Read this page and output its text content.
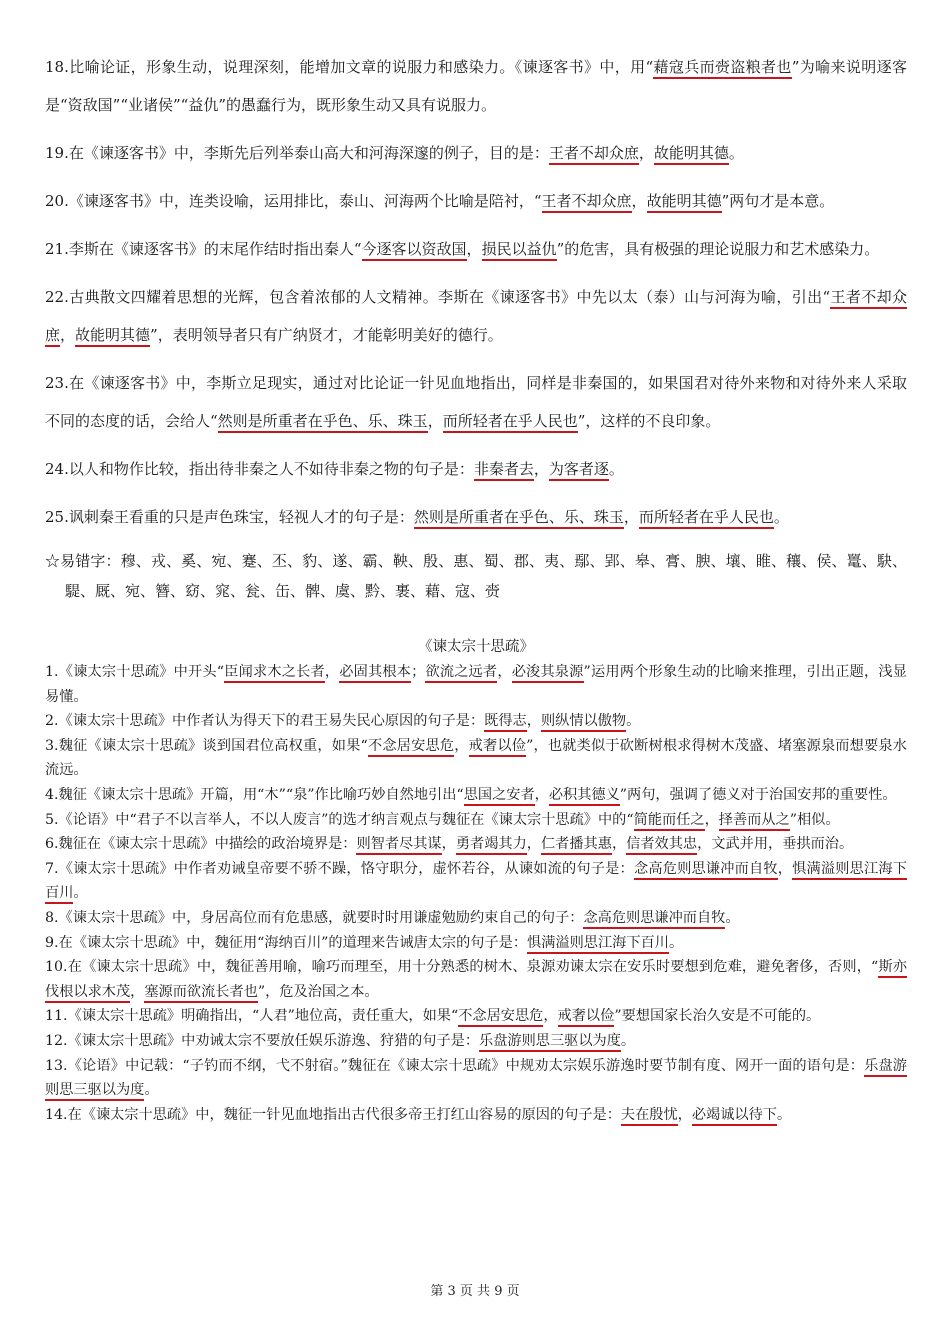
18.比喻论证，形象生动，说理深刻，能增加文章的说服力和感染力。《谏逐客书》中，用“藉寇兵而赍盗粮者也”为喻来说明逐客是“资敌国”“业诸侯”“益仇”的愚蠢行为，既形象生动又具有说服力。

19.在《谏逐客书》中，李斯先后列举泰山高大和河海深邃的例子，目的是：王者不却众庶，故能明其德。

20.《谏逐客书》中，连类设喻，运用排比，泰山、河海两个比喻是陪衬，“王者不却众庶，故能明其德”两句才是本意。

21.李斯在《谏逐客书》的末尾作结时指出秦人“今逐客以资敌国，损民以益仇”的危害，具有极强的理论说服力和艺术感染力。

22.古典散文四耀着思想的光辉，包含着浓郁的人文精神。李斯在《谏逐客书》中先以太（泰）山与河海为喻，引出“王者不却众庶，故能明其德”，表明领导者只有广纳贤才，才能彰明美好的德行。

23.在《谏逐客书》中，李斯立足现实，通过对比论证一针见血地指出，同样是非秦国的，如果国君对待外来物和对待外来人采取不同的态度的话，会给人“然则是所重者在乎色、乐、珠玉，而所轻者在乎人民也”，这样的不良印象。

24.以人和物作比较，指出待非秦之人不如待非秦之物的句子是：非秦者去，为客者逐。

25.讽刺秦王看重的只是声色珠宝，轻视人才的句子是：然则是所重者在乎色、乐、珠玉，而所轻者在乎人民也。

☆易错字：穆、戎、奚、宛、蹇、丕、豹、遂、霸、鞅、殷、惠、蜀、郡、夷、鄢、郢、皋、膏、腴、壤、睢、穰、侯、鼍、駃、騠、厩、宛、簪、窈、窕、瓮、缶、髀、虞、黔、裹、藉、寇、赍

《谏太宗十思疏》

1.《谏太宗十思疏》中开头“臣闻求木之长者，必固其根本；欲流之远者，必浚其泉源”运用两个形象生动的比喻来推理，引出正题，浅显易懂。

2.《谏太宗十思疏》中作者认为得天下的君王易失民心原因的句子是：既得志，则纵情以傲物。

3.魏征《谏太宗十思疏》谈到国君位高权重，如果“不念居安思危，戒奢以俭”，也就类似于砍断树根求得树木茂盛、堵塞源泉而想要泉水流远。

4.魏征《谏太宗十思疏》开篇，用“木”“泉”作比喻巧妙自然地引出“思国之安者，必积其德义”两句，强调了德义对于治国安邦的重要性。

5.《论语》中“君子不以言举人，不以人废言”的选才纳言观点与魏征在《谏太宗十思疏》中的“简能而任之，择善而从之”相似。

6.魏征在《谏太宗十思疏》中描绘的政治境界是：则智者尽其谋，勇者竭其力，仁者播其惠，信者效其忠，文武并用，垂拱而治。

7.《谏太宗十思疏》中作者劝诫皇帝要不骄不躁，恪守职分，虚怀若谷，从谏如流的句子是：念高危则思谦冲而自牧，惧满溢则思江海下百川。

8.《谏太宗十思疏》中，身居高位而有危患感，就要时时用谦虚勉励约束自己的句子：念高危则思谦冲而自牧。

9.在《谏太宗十思疏》中，魏征用“海纳百川”的道理来告诫唐太宗的句子是：惧满溢则思江海下百川。

10.在《谏太宗十思疏》中，魏征善用喻，喻巧而理至，用十分熟悉的树木、泉源劝谏太宗在安乐时要想到危难，避免奢侈，否则，“斯亦伐根以求木茂，塞源而欲流长者也”，危及治国之本。

11.《谏太宗十思疏》明确指出，“人君”地位高，责任重大，如果“不念居安思危，戒奢以俭”要想国家长治久安是不可能的。

12.《谏太宗十思疏》中劝诫太宗不要放任娱乐游逸、狩猎的句子是：乐盘游则思三驱以为度。

13.《论语》中记载：“子钓而不纲，弋不射宿。”魏征在《谏太宗十思疏》中规劝太宗娱乐游逸时要节制有度、网开一面的语句是：乐盘游则思三驱以为度。

14.在《谏太宗十思疏》中，魏征一针见血地指出古代很多帝王打红山容易的原因的句子是：夫在殷忧，必竭诚以待下。

第 3 页 共 9 页
